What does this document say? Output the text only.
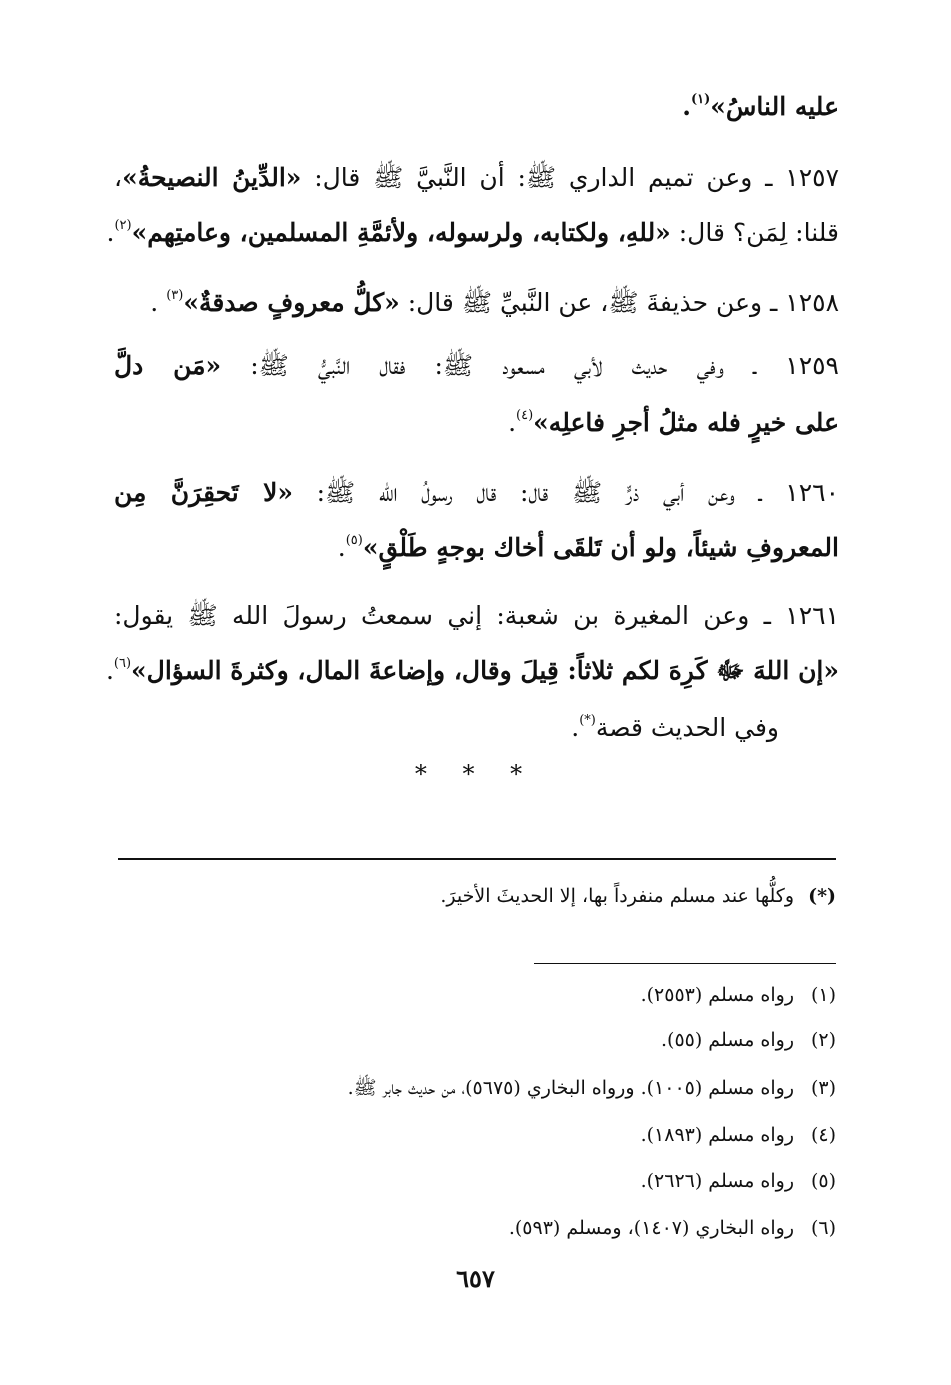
عليه الناسُ»$^{(١)}$.
١٢٥٧ ـ وعن تميم الداري ﷺ: أن النَّبيَّ ﷺ قال: «الدِّينُ النصيحةُ»،
قلنا: لِمَن؟ قال: «للهِ، ولكتابه، ولرسوله، ولأئمَّةِ المسلمين، وعامتِهم»$^{(٢)}$.
١٢٥٨ ـ وعن حذيفةَ ﷺ، عن النَّبيِّ ﷺ قال: «كلُّ معروفٍ صدقةٌ»$^{(٣)}$ .
١٢٥٩ ـ وفي حديث لأبي مسعود ﷺ: فقال النَّبيُّ ﷺ: «مَن دلَّ
على خيرٍ فله مثلُ أجرِ فاعلِه»$^{(٤)}$.
١٢٦٠ ـ وعن أبي ذرٍّ ﷺ قال: قال رسولُ الله ﷺ: «لا تَحقِرَنَّ مِن
المعروفِ شيئاً، ولو أن تَلقَى أخاك بوجهٍ طَلْقٍ»$^{(٥)}$.
١٢٦١ ـ وعن المغيرة بن شعبة: إني سمعتُ رسولَ الله ﷺ يقول:
«إن اللهَ ﷻ كَرِهَ لكم ثلاثاً: قِيلَ وقال، وإضاعةَ المال، وكثرةَ السؤال»$^{(٦)}$.
وفي الحديث قصة(*).
* * *
(*)وكلُّها عند مسلم منفرداً بها، إلا الحديثَ الأخيرَ.
(١)رواه مسلم (٢٥٥٣).
(٢)رواه مسلم (٥٥).
(٣)رواه مسلم (١٠٠٥). ورواه البخاري (٥٦٧٥)، من حديث جابر ﷺ.
(٤)رواه مسلم (١٨٩٣).
(٥)رواه مسلم (٢٦٢٦).
(٦)رواه البخاري (١٤٠٧)، ومسلم (٥٩٣).
٦٥٧
